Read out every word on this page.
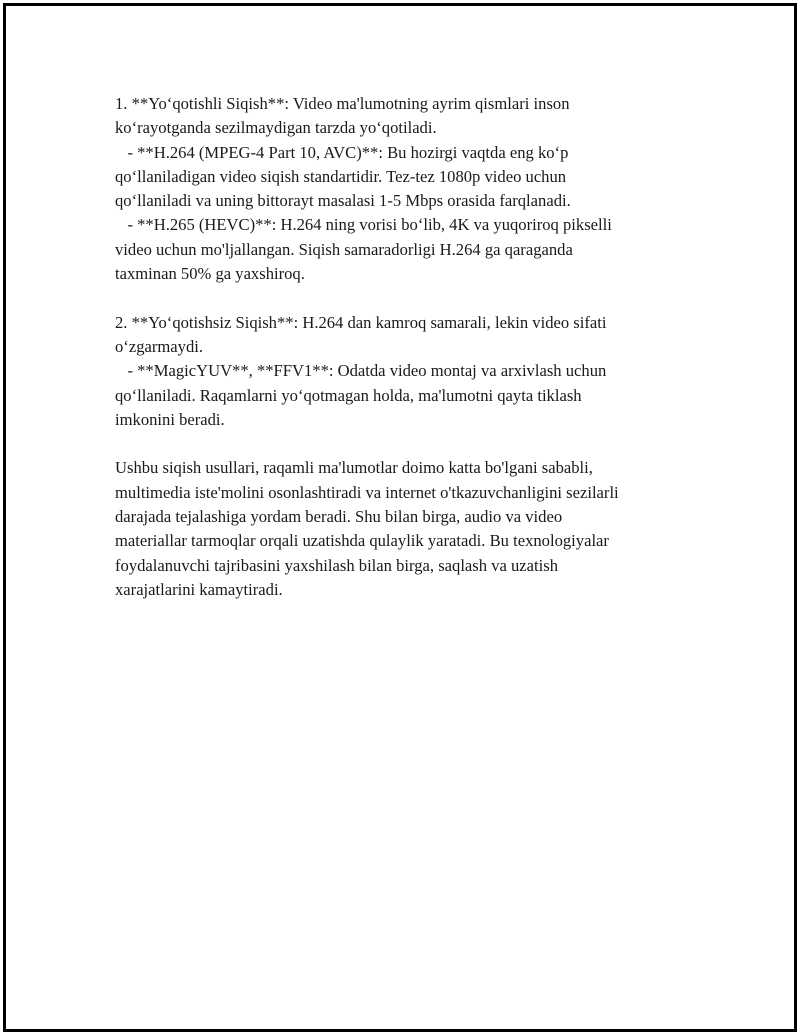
1. **Yo‘qotishli Siqish**: Video ma'lumotning ayrim qismlari inson
ko‘rayotganda sezilmaydigan tarzda yo‘qotiladi.
- **H.264 (MPEG-4 Part 10, AVC)**: Bu hozirgi vaqtda eng ko‘p
qo‘llaniladigan video siqish standartidir. Tez-tez 1080p video uchun
qo‘llaniladi va uning bittorayt masalasi 1-5 Mbps orasida farqlanadi.
- **H.265 (HEVC)**: H.264 ning vorisi bo‘lib, 4K va yuqoriroq pikselli
video uchun mo'ljallangan. Siqish samaradorligi H.264 ga qaraganda
taxminan 50% ga yaxshiroq.
2. **Yo‘qotishsiz Siqish**: H.264 dan kamroq samarali, lekin video sifati
o‘zgarmaydi.
- **MagicYUV**, **FFV1**: Odatda video montaj va arxivlash uchun
qo‘llaniladi. Raqamlarni yo‘qotmagan holda, ma'lumotni qayta tiklash
imkonini beradi.
Ushbu siqish usullari, raqamli ma'lumotlar doimo katta bo'lgani sababli,
multimedia iste'molini osonlashtiradi va internet o'tkazuvchanligini sezilarli
darajada tejalashiga yordam beradi. Shu bilan birga, audio va video
materiallar tarmoqlar orqali uzatishda qulaylik yaratadi. Bu texnologiyalar
foydalanuvchi tajribasini yaxshilash bilan birga, saqlash va uzatish
xarajatlarini kamaytiradi.
